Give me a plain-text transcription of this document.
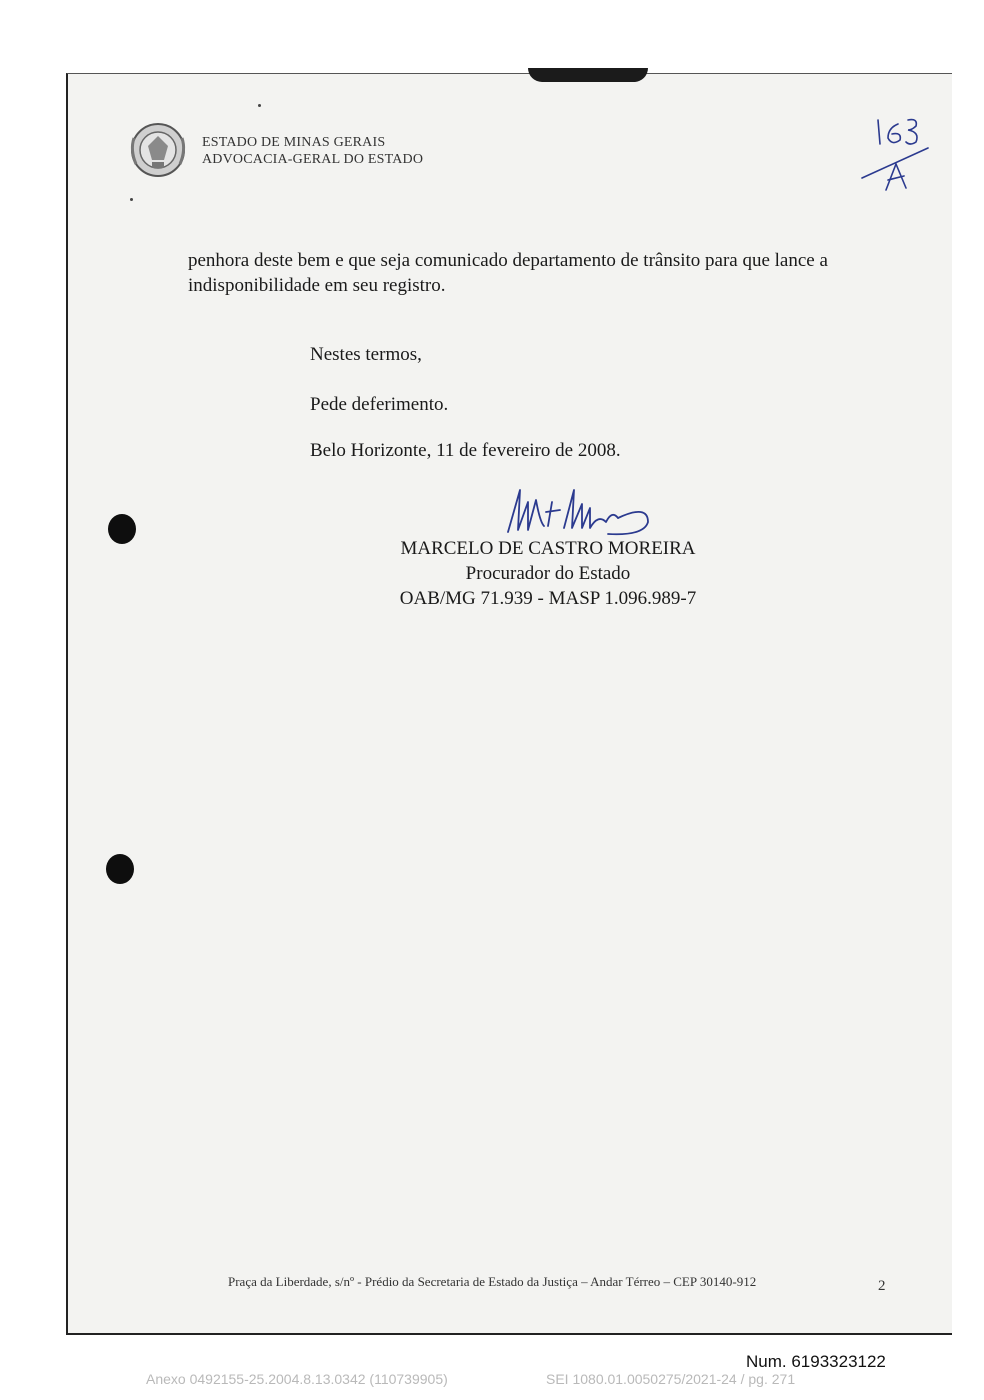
ESTADO DE MINAS GERAIS
ADVOCACIA-GERAL DO ESTADO
penhora deste bem e que seja comunicado departamento de trânsito para que lance a indisponibilidade em seu registro.
Nestes termos,
Pede deferimento.
Belo Horizonte, 11 de fevereiro de 2008.
MARCELO DE CASTRO MOREIRA
Procurador do Estado
OAB/MG 71.939 - MASP 1.096.989-7
Praça da Liberdade, s/nº - Prédio da Secretaria de Estado da Justiça – Andar Térreo – CEP 30140-912	2
Num. 6193323122
Anexo 0492155-25.2004.8.13.0342 (110739905)	SEI 1080.01.0050275/2021-24 / pg. 271
